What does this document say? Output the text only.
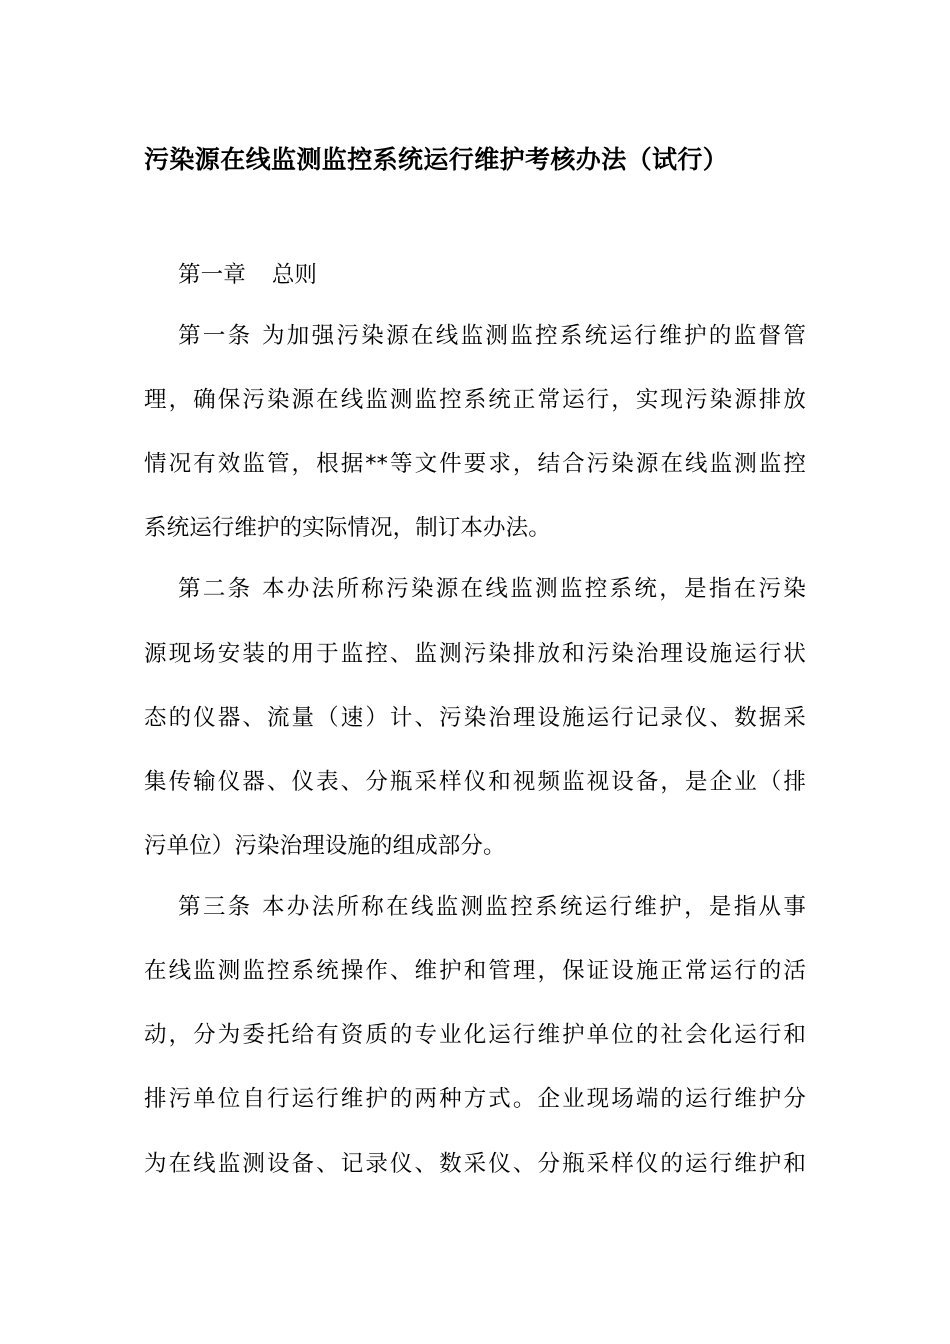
污染源在线监测监控系统运行维护考核办法（试行）
第一章 总则
第一条 为加强污染源在线监测监控系统运行维护的监督管
理，确保污染源在线监测监控系统正常运行，实现污染源排放
情况有效监管，根据**等文件要求，结合污染源在线监测监控
系统运行维护的实际情况，制订本办法。
第二条 本办法所称污染源在线监测监控系统，是指在污染
源现场安装的用于监控、监测污染排放和污染治理设施运行状
态的仪器、流量（速）计、污染治理设施运行记录仪、数据采
集传输仪器、仪表、分瓶采样仪和视频监视设备，是企业（排
污单位）污染治理设施的组成部分。
第三条 本办法所称在线监测监控系统运行维护，是指从事
在线监测监控系统操作、维护和管理，保证设施正常运行的活
动，分为委托给有资质的专业化运行维护单位的社会化运行和
排污单位自行运行维护的两种方式。企业现场端的运行维护分
为在线监测设备、记录仪、数采仪、分瓶采样仪的运行维护和
